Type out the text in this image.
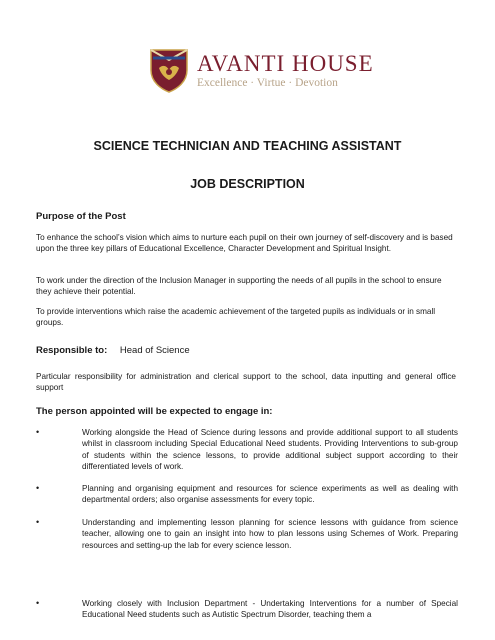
AVANTI HOUSE
Excellence · Virtue · Devotion
SCIENCE TECHNICIAN AND TEACHING ASSISTANT
JOB DESCRIPTION
Purpose of the Post
To enhance the school’s vision which aims to nurture each pupil on their own journey of self-discovery and is based upon the three key pillars of Educational Excellence, Character Development and Spiritual Insight.
To work under the direction of the Inclusion Manager in supporting the needs of all pupils in the school to ensure they achieve their potential.
To provide interventions which raise the academic achievement of the targeted pupils as individuals or in small groups.
Responsible to: Head of Science
Particular responsibility for administration and clerical support to the school, data inputting and general office support
The person appointed will be expected to engage in:
•	Working alongside the Head of Science during lessons and provide additional support to all students whilst in classroom including Special Educational Need students. Providing Interventions to sub-group of students within the science lessons, to provide additional subject support according to their differentiated levels of work.
•	Planning and organising equipment and resources for science experiments as well as dealing with departmental orders; also organise assessments for every topic.
•	Understanding and implementing lesson planning for science lessons with guidance from science teacher, allowing one to gain an insight into how to plan lessons using Schemes of Work. Preparing resources and setting-up the lab for every science lesson.
•	Working closely with Inclusion Department - Undertaking Interventions for a number of Special Educational Need students such as Autistic Spectrum Disorder, teaching them a
